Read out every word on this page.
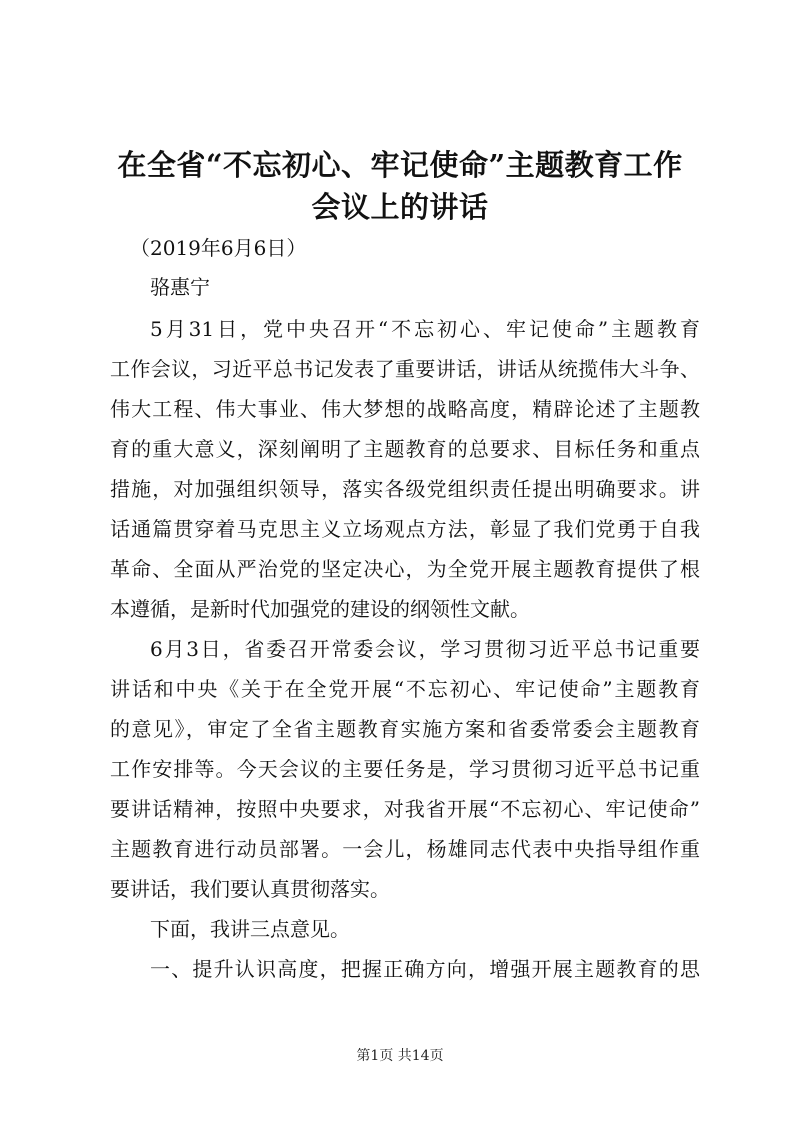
在全省“不忘初心、牢记使命”主题教育工作
会议上的讲话

（2019年6月6日）

骆惠宁

5月31日，党中央召开“不忘初心、牢记使命”主题教育

工作会议，习近平总书记发表了重要讲话，讲话从统揽伟大斗争、

伟大工程、伟大事业、伟大梦想的战略高度，精辟论述了主题教

育的重大意义，深刻阐明了主题教育的总要求、目标任务和重点

措施，对加强组织领导，落实各级党组织责任提出明确要求。讲

话通篇贯穿着马克思主义立场观点方法，彰显了我们党勇于自我

革命、全面从严治党的坚定决心，为全党开展主题教育提供了根

本遵循，是新时代加强党的建设的纲领性文献。

6月3日，省委召开常委会议，学习贯彻习近平总书记重要

讲话和中央《关于在全党开展“不忘初心、牢记使命”主题教育

的意见》，审定了全省主题教育实施方案和省委常委会主题教育

工作安排等。今天会议的主要任务是，学习贯彻习近平总书记重

要讲话精神，按照中央要求，对我省开展“不忘初心、牢记使命”

主题教育进行动员部署。一会儿，杨雄同志代表中央指导组作重

要讲话，我们要认真贯彻落实。

下面，我讲三点意见。

一、提升认识高度，把握正确方向，增强开展主题教育的思

第1页 共14页
